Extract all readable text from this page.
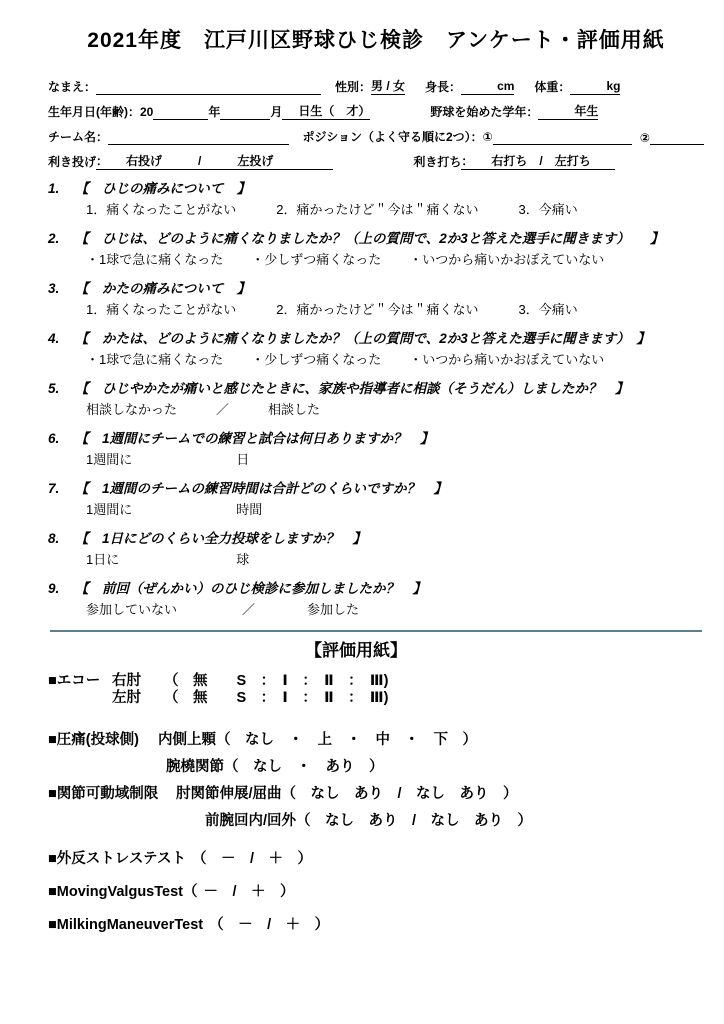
2021年度　江戸川区野球ひじ検診　アンケート・評価用紙
なまえ：	性別： 男 / 女 身長： 　　　cm 体重： 　　　kg
生年月日(年齢)：20	年	月 日生（　才）	野球を始めた学年： 　　　年生
チーム名：	ポジション（よく守る順に2つ）：①	②
利き投げ ：　　右投げ　　　/　　　左投げ　　　　　	利き打ち ：　　右打ち　/　左打ち　　
1.	【　ひじの痛みについて　】
1．痛くなったことがない	2．痛かったけど＂今は＂痛くない	3．今痛い
2.	【　ひじは、どのように痛くなりましたか？（上の質問で、2か3と答えた選手に聞きます）　　】
・1球で急に痛くなった ・少しずつ痛くなった ・いつから痛いかおぼえていない
3.	【　かたの痛みについて　】
1．痛くなったことがない	2．痛かったけど＂今は＂痛くない	3．今痛い
4.	【　かたは、どのように痛くなりましたか？（上の質問で、2か3と答えた選手に聞きます）　】
・1球で急に痛くなった ・少しずつ痛くなった ・いつから痛いかおぼえていない
5.	【　ひじやかたが痛いと感じたときに、家族や指導者に相談（そうだん）しましたか？　】
相談しなかった　　　／　　　相談した
6.	【　1週間にチームでの練習と試合は何日ありますか？　】
1週間に　　　　　　　　日
7.	【　1週間のチームの練習時間は合計どのくらいですか？　】
1週間に　　　　　　　　時間
8.	【　1日にどのくらい全力投球をしますか？　】
1日に　　　　　　　　　球
9.	【　前回（ぜんかい）のひじ検診に参加しましたか？　】
参加していない　　　　　／　　　　参加した
【評価用紙】
■エコー 右肘	（　無　　S　：　Ⅰ　：　Ⅱ　：　Ⅲ)
左肘	（　無　　S　：　Ⅰ　：　Ⅱ　：　Ⅲ)
■圧痛(投球側)	内側上顆 （　なし　・　上　・　中　・　下　）
腕橈関節 （　なし　・　あり　）
■関節可動域制限	肘関節伸展/屈曲 （　なし　あり　/　なし　あり　）
前腕回内/回外 （　なし　あり　/　なし　あり　）
■外反ストレステスト （　－　/　＋　）
■MovingValgusTest（ －　/　＋　）
■MilkingManeuverTest （　－　/　＋　）
